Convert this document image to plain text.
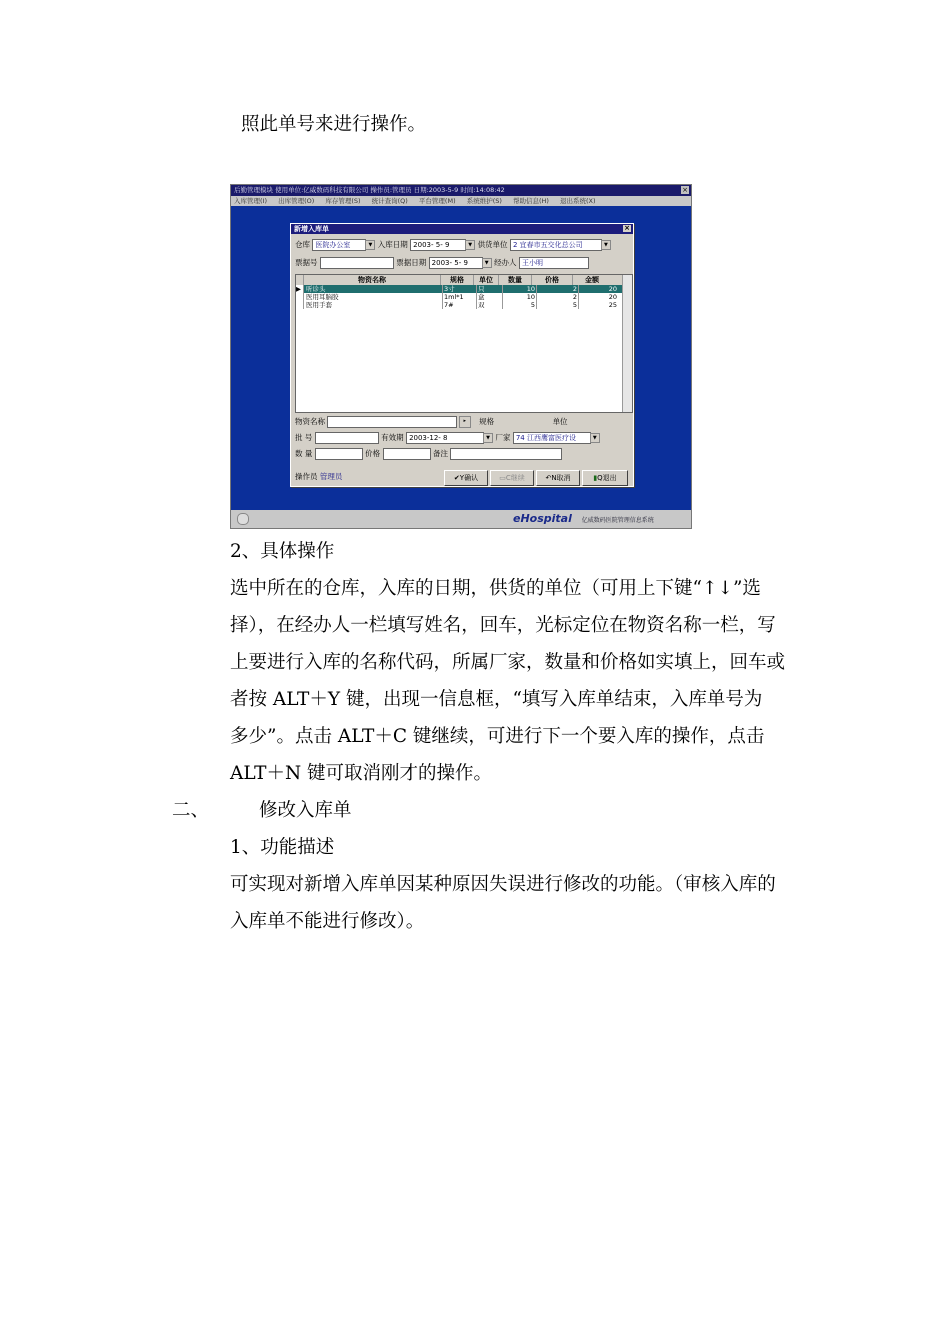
照此单号来进行操作。
后勤管理模块 使用单位:亿威数码科技有限公司 操作员:管理员 日期:2003-5-9 时间:14:08:42	×
入库管理(I) 出库管理(O) 库存管理(S) 统计查询(Q) 平台管理(M) 系统维护(S) 帮助信息(H) 退出系统(X)
新增入库单	×
仓库 医院办公室	▼ 入库日期 2003- 5- 9	▼ 供货单位 2 宜春市五交化总公司	▼
票据号	票据日期 2003- 5- 9	▼ 经办人 王小明
物资名称	规格	单位	数量	价格	金额
▶ 听诊头	3寸	只	10	2	20
医用耳脑胶	1ml*1	盒	10	2	20
医用手套	7#	双	5	5	25
物资名称	▸ 规格	单位
批 号	有效期 2003-12- 8	▼ 厂家 74 江西鹰富医疗设	▼
数 量	价格	备注
操作员 管理员	✔Y确认	▭C继续	↶N取消	▮Q退出
eHospital 亿威数码医院管理信息系统
2、具体操作
选中所在的仓库，入库的日期，供货的单位（可用上下键“↑↓”选
择），在经办人一栏填写姓名，回车，光标定位在物资名称一栏，写
上要进行入库的名称代码，所属厂家，数量和价格如实填上，回车或
者按 ALT＋Y 键，出现一信息框，“填写入库单结束，入库单号为
多少”。点击 ALT＋C 键继续，可进行下一个要入库的操作，点击
ALT＋N 键可取消刚才的操作。
二、	修改入库单
1、功能描述
可实现对新增入库单因某种原因失误进行修改的功能。（审核入库的
入库单不能进行修改）。
